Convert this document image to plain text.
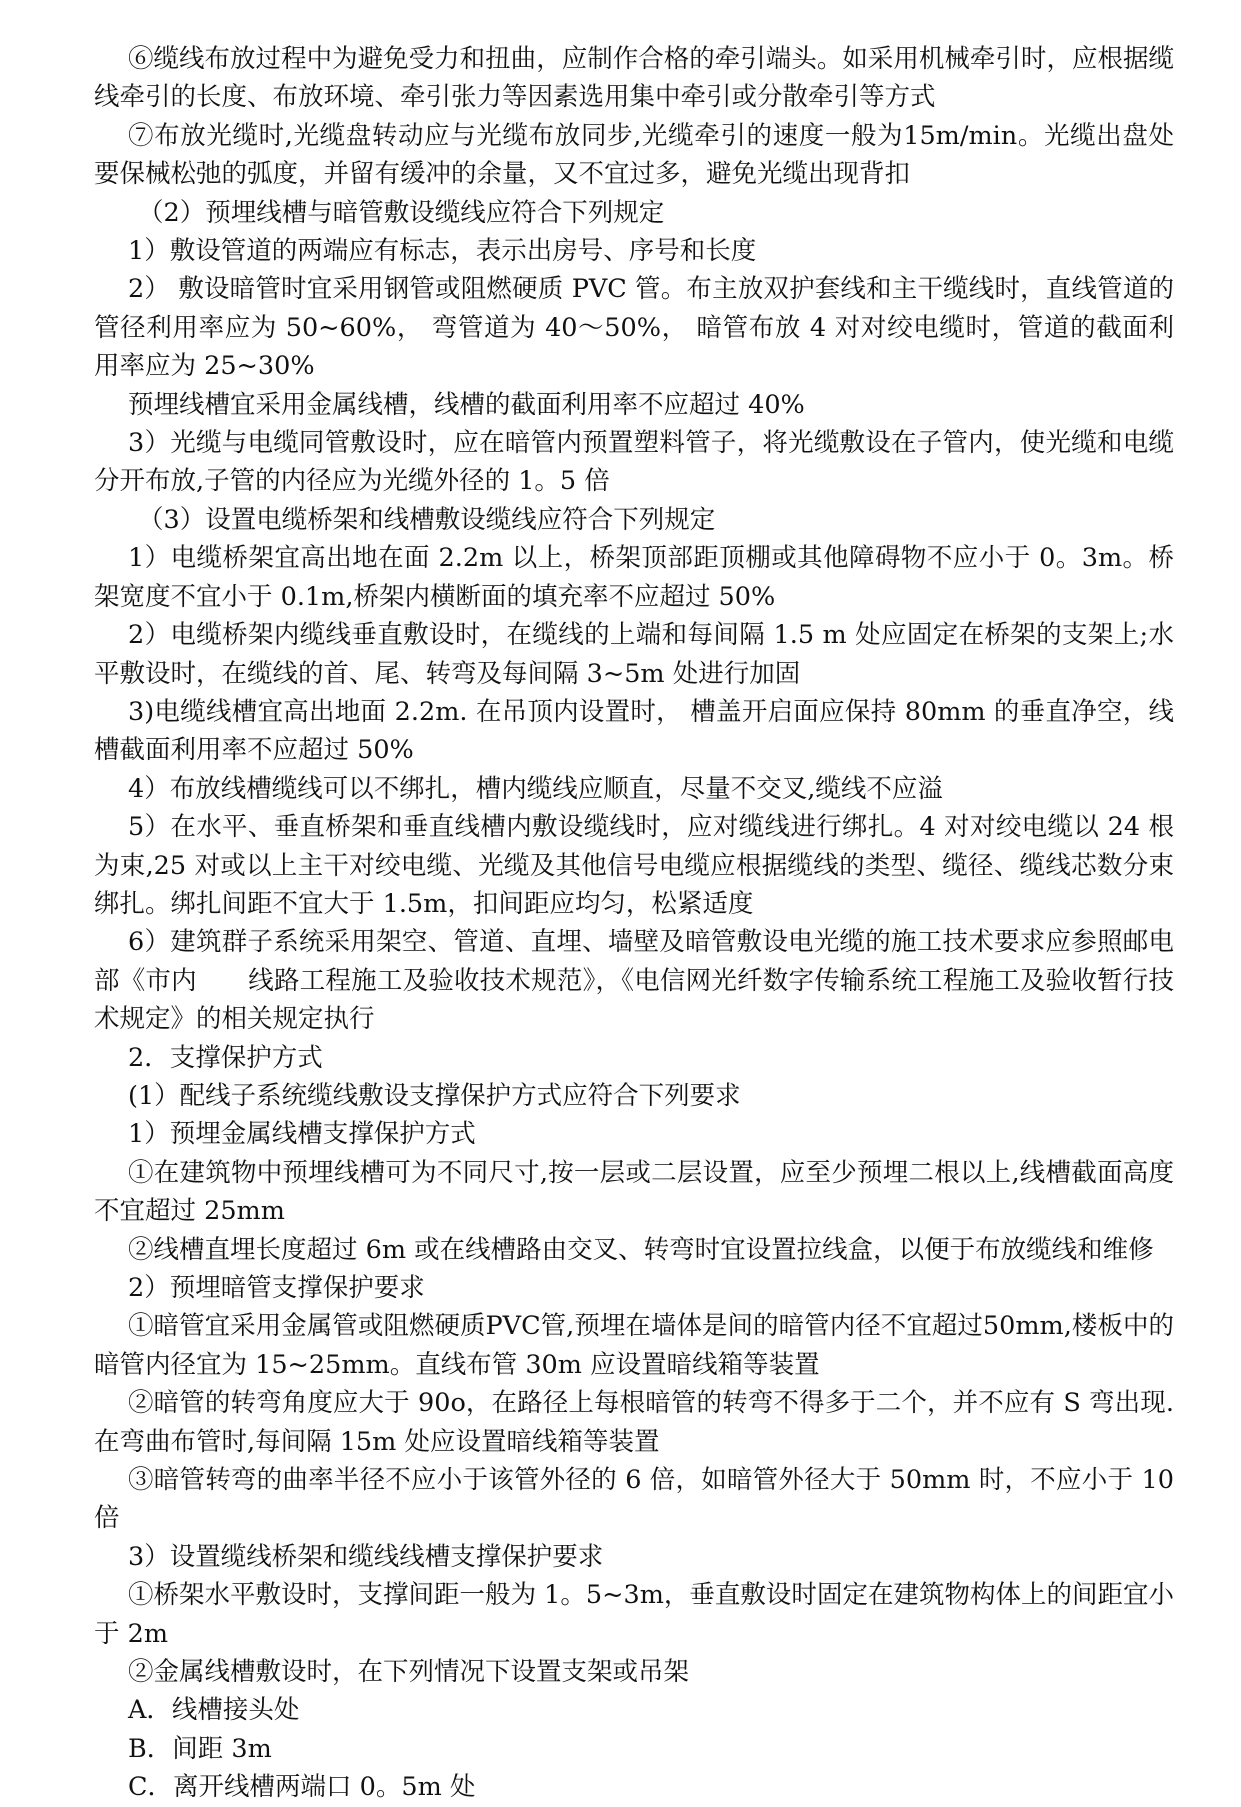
⑥缆线布放过程中为避免受力和扭曲，应制作合格的牵引端头。如采用机械牵引时，应根据缆线牵引的长度、布放环境、牵引张力等因素选用集中牵引或分散牵引等方式

⑦布放光缆时,光缆盘转动应与光缆布放同步,光缆牵引的速度一般为15m/min。光缆出盘处要保械松弛的弧度，并留有缓冲的余量，又不宜过多，避免光缆出现背扣

（2）预埋线槽与暗管敷设缆线应符合下列规定

1）敷设管道的两端应有标志，表示出房号、序号和长度

2） 敷设暗管时宜采用钢管或阻燃硬质 PVC 管。布主放双护套线和主干缆线时，直线管道的管径利用率应为 50~60%， 弯管道为 40～50%， 暗管布放 4 对对绞电缆时，管道的截面利用率应为 25~30%

预埋线槽宜采用金属线槽，线槽的截面利用率不应超过 40%

3）光缆与电缆同管敷设时，应在暗管内预置塑料管子，将光缆敷设在子管内，使光缆和电缆分开布放,子管的内径应为光缆外径的 1。5 倍

（3）设置电缆桥架和线槽敷设缆线应符合下列规定

1）电缆桥架宜高出地在面 2.2m 以上，桥架顶部距顶棚或其他障碍物不应小于 0。3m。桥架宽度不宜小于 0.1m,桥架内横断面的填充率不应超过 50%

2）电缆桥架内缆线垂直敷设时，在缆线的上端和每间隔 1.5 m 处应固定在桥架的支架上;水平敷设时，在缆线的首、尾、转弯及每间隔 3~5m 处进行加固

3)电缆线槽宜高出地面 2.2m. 在吊顶内设置时， 槽盖开启面应保持 80mm 的垂直净空，线槽截面利用率不应超过 50%

4）布放线槽缆线可以不绑扎，槽内缆线应顺直，尽量不交叉,缆线不应溢

5）在水平、垂直桥架和垂直线槽内敷设缆线时，应对缆线进行绑扎。4 对对绞电缆以 24 根为束,25 对或以上主干对绞电缆、光缆及其他信号电缆应根据缆线的类型、缆径、缆线芯数分束绑扎。绑扎间距不宜大于 1.5m，扣间距应均匀，松紧适度

6）建筑群子系统采用架空、管道、直埋、墙壁及暗管敷设电光缆的施工技术要求应参照邮电部《市内　　线路工程施工及验收技术规范》，《电信网光纤数字传输系统工程施工及验收暂行技术规定》的相关规定执行

2．支撑保护方式

(1）配线子系统缆线敷设支撑保护方式应符合下列要求

1）预埋金属线槽支撑保护方式

①在建筑物中预埋线槽可为不同尺寸,按一层或二层设置，应至少预埋二根以上,线槽截面高度不宜超过 25mm

②线槽直埋长度超过 6m 或在线槽路由交叉、转弯时宜设置拉线盒，以便于布放缆线和维修

2）预埋暗管支撑保护要求

①暗管宜采用金属管或阻燃硬质PVC管,预埋在墙体是间的暗管内径不宜超过50mm,楼板中的暗管内径宜为 15~25mm。直线布管 30m 应设置暗线箱等装置

②暗管的转弯角度应大于 90o，在路径上每根暗管的转弯不得多于二个，并不应有 S 弯出现.在弯曲布管时,每间隔 15m 处应设置暗线箱等装置

③暗管转弯的曲率半径不应小于该管外径的 6 倍，如暗管外径大于 50mm 时，不应小于 10 倍

3）设置缆线桥架和缆线线槽支撑保护要求

①桥架水平敷设时，支撑间距一般为 1。5~3m，垂直敷设时固定在建筑物构体上的间距宜小于 2m

②金属线槽敷设时，在下列情况下设置支架或吊架

A．线槽接头处

B．间距 3m

C．离开线槽两端口 0。5m 处
